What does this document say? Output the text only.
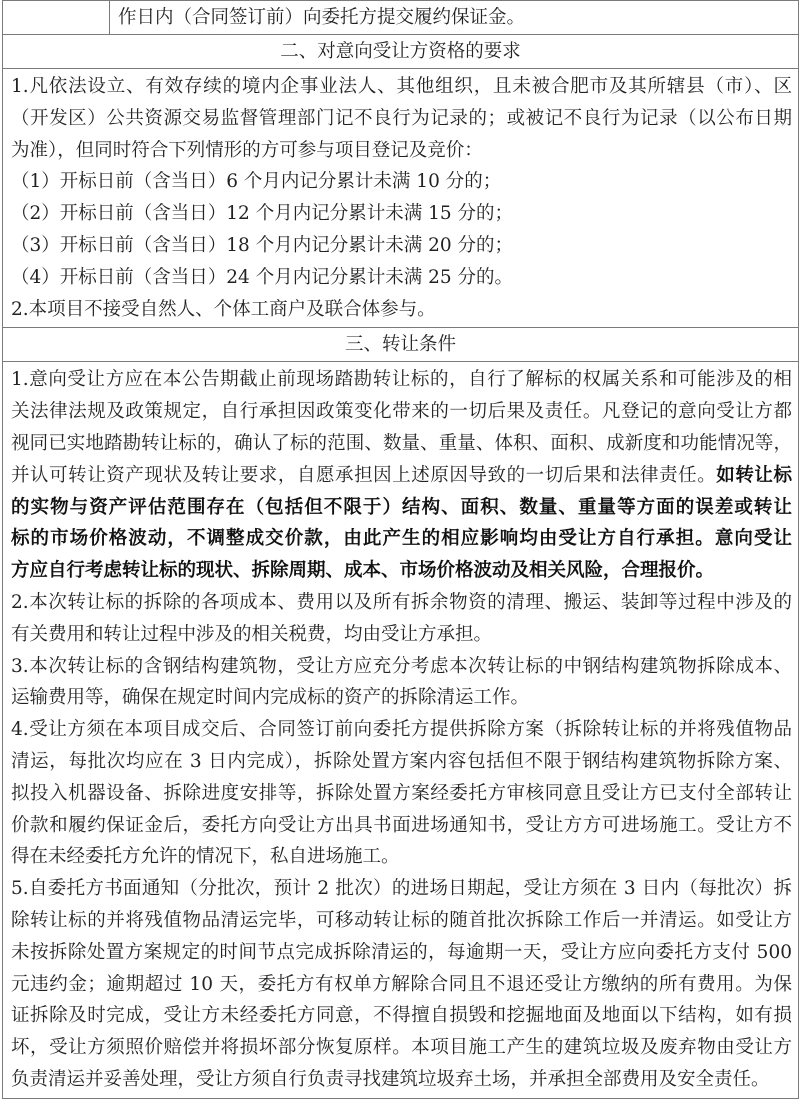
	作日内（合同签订前）向委托方提交履约保证金。
二、对意向受让方资格的要求

1.凡依法设立、有效存续的境内企事业法人、其他组织，且未被合肥市及其所辖县（市）、区
（开发区）公共资源交易监督管理部门记不良行为记录的；或被记不良行为记录（以公布日期
为准），但同时符合下列情形的方可参与项目登记及竞价：
（1）开标日前（含当日）6 个月内记分累计未满 10 分的；
（2）开标日前（含当日）12 个月内记分累计未满 15 分的；
（3）开标日前（含当日）18 个月内记分累计未满 20 分的；
（4）开标日前（含当日）24 个月内记分累计未满 25 分的。
2.本项目不接受自然人、个体工商户及联合体参与。

三、转让条件

1.意向受让方应在本公告期截止前现场踏勘转让标的，自行了解标的权属关系和可能涉及的相
关法律法规及政策规定，自行承担因政策变化带来的一切后果及责任。凡登记的意向受让方都
视同已实地踏勘转让标的，确认了标的范围、数量、重量、体积、面积、成新度和功能情况等，
并认可转让资产现状及转让要求，自愿承担因上述原因导致的一切后果和法律责任。如转让标
的实物与资产评估范围存在（包括但不限于）结构、面积、数量、重量等方面的误差或转让
标的市场价格波动，不调整成交价款，由此产生的相应影响均由受让方自行承担。意向受让
方应自行考虑转让标的现状、拆除周期、成本、市场价格波动及相关风险，合理报价。
2.本次转让标的拆除的各项成本、费用以及所有拆余物资的清理、搬运、装卸等过程中涉及的
有关费用和转让过程中涉及的相关税费，均由受让方承担。
3.本次转让标的含钢结构建筑物，受让方应充分考虑本次转让标的中钢结构建筑物拆除成本、
运输费用等，确保在规定时间内完成标的资产的拆除清运工作。
4.受让方须在本项目成交后、合同签订前向委托方提供拆除方案（拆除转让标的并将残值物品
清运，每批次均应在 3 日内完成），拆除处置方案内容包括但不限于钢结构建筑物拆除方案、
拟投入机器设备、拆除进度安排等，拆除处置方案经委托方审核同意且受让方已支付全部转让
价款和履约保证金后，委托方向受让方出具书面进场通知书，受让方方可进场施工。受让方不
得在未经委托方允许的情况下，私自进场施工。
5.自委托方书面通知（分批次，预计 2 批次）的进场日期起，受让方须在 3 日内（每批次）拆
除转让标的并将残值物品清运完毕，可移动转让标的随首批次拆除工作后一并清运。如受让方
未按拆除处置方案规定的时间节点完成拆除清运的，每逾期一天，受让方应向委托方支付 500
元违约金；逾期超过 10 天，委托方有权单方解除合同且不退还受让方缴纳的所有费用。为保
证拆除及时完成，受让方未经委托方同意，不得擅自损毁和挖掘地面及地面以下结构，如有损
坏，受让方须照价赔偿并将损坏部分恢复原样。本项目施工产生的建筑垃圾及废弃物由受让方
负责清运并妥善处理，受让方须自行负责寻找建筑垃圾弃土场，并承担全部费用及安全责任。
